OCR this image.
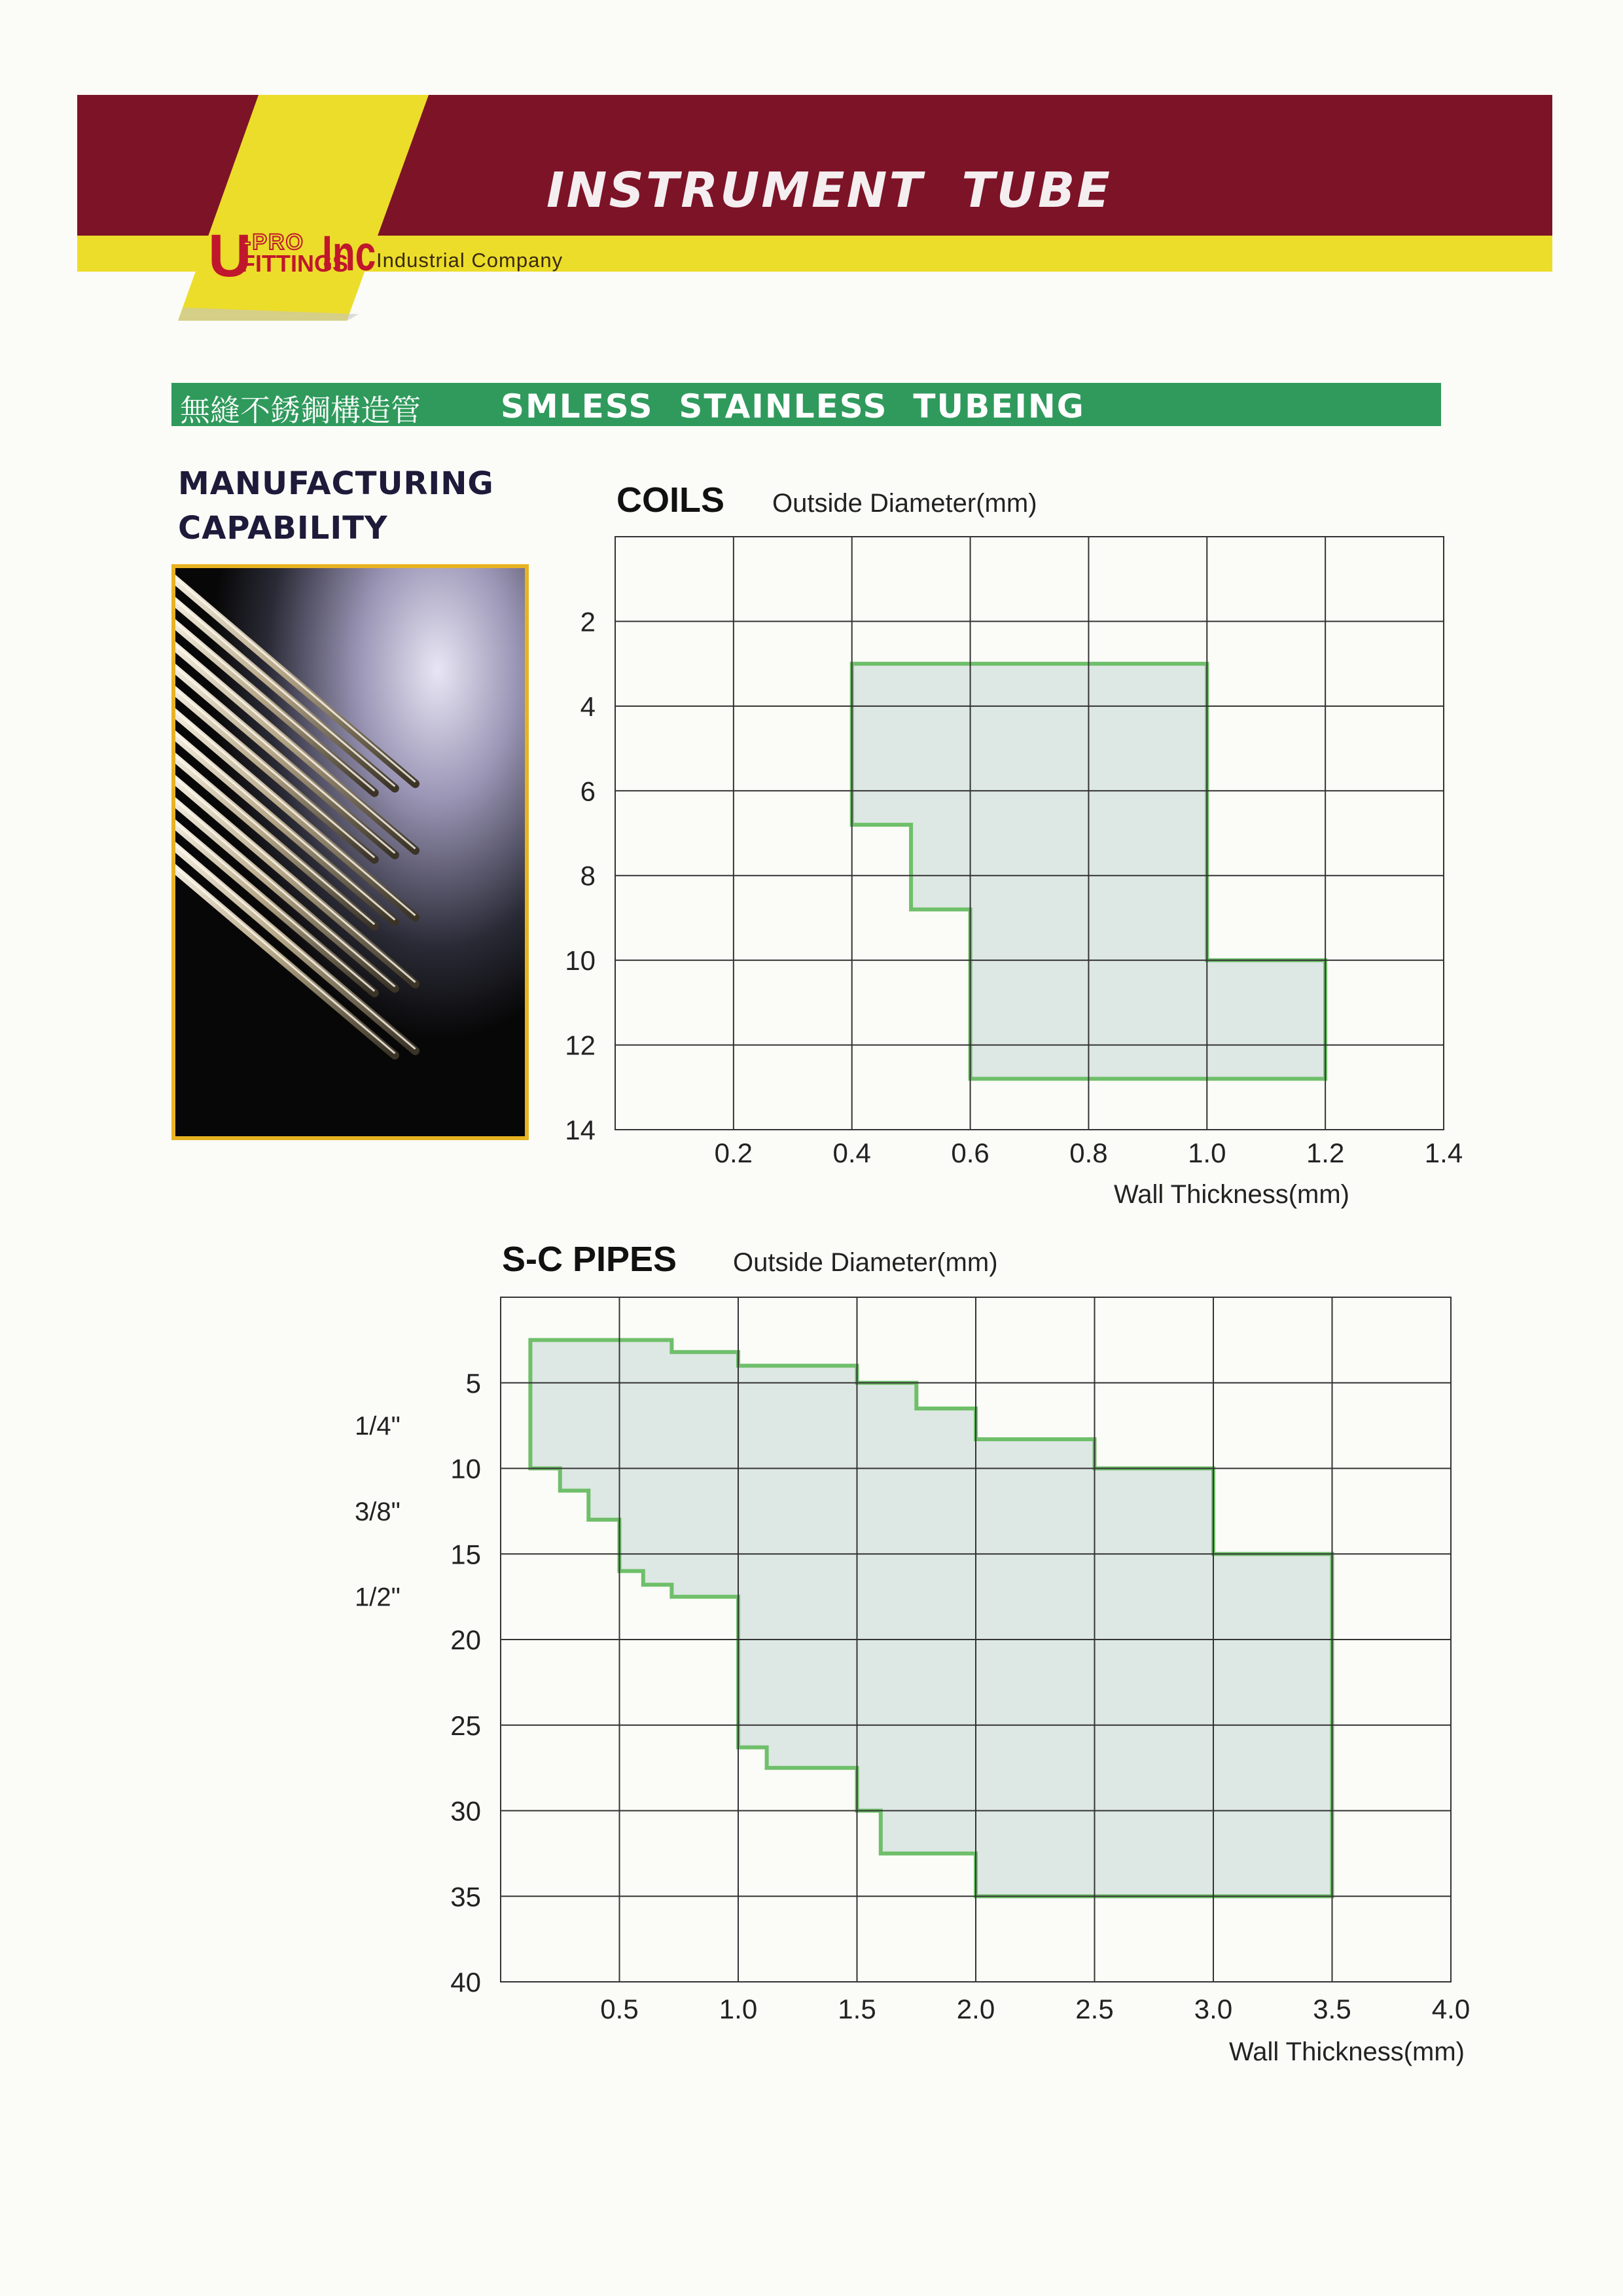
INSTRUMENT  TUBE
U
-PRO
FITTINGS
Inc Industrial Company
無縫不銹鋼構造管 SMLESS  STAINLESS  TUBEING
MANUFACTURING
CAPABILITY
COILS Outside Diameter(mm)
0.2	0.4	0.6	0.8	1.0	1.2	1.4
2
4
6
8
10
12
14
Wall Thickness(mm)
S-C PIPES Outside Diameter(mm)
0.5	1.0	1.5	2.0	2.5	3.0	3.5	4.0
5
10
15
20
25
30
35
40
Wall Thickness(mm)
1/4"
3/8"
1/2"
